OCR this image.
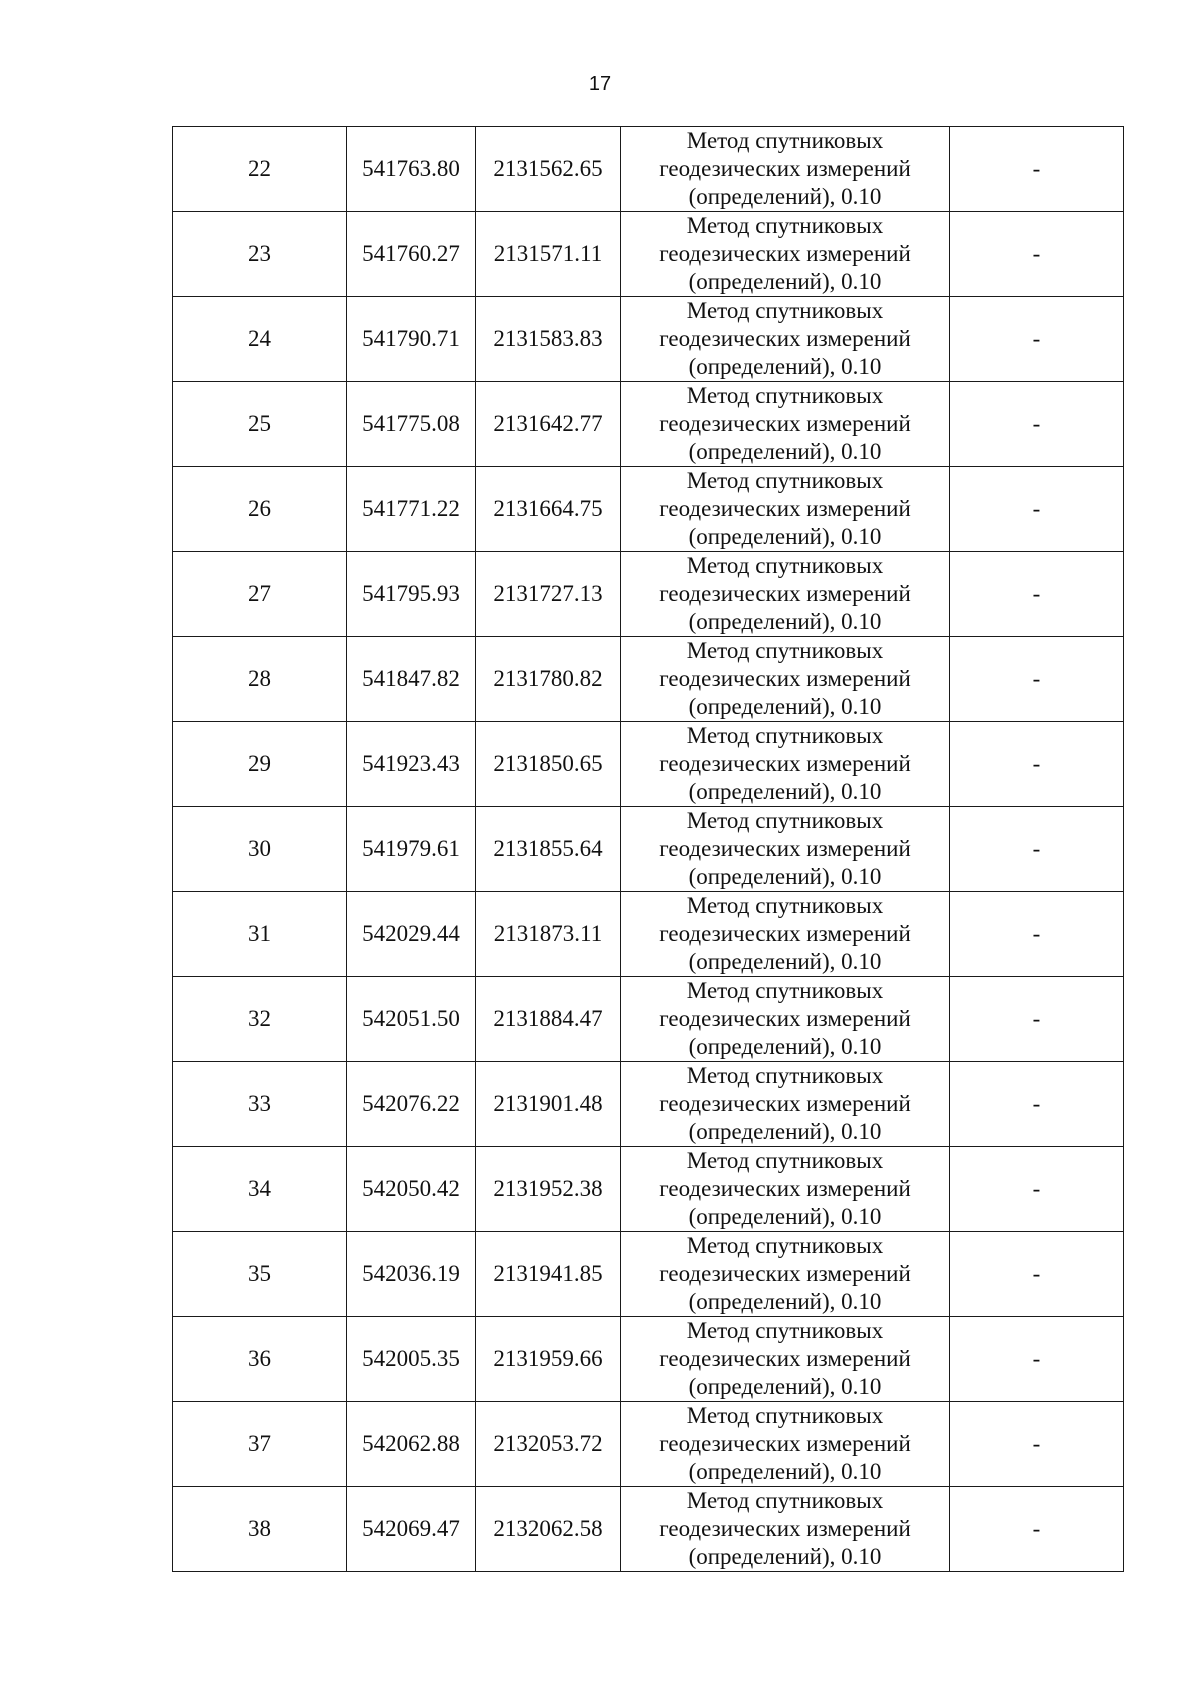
17
22	541763.80	2131562.65	Метод спутниковых
геодезических измерений
(определений), 0.10	-
23	541760.27	2131571.11	Метод спутниковых
геодезических измерений
(определений), 0.10	-
24	541790.71	2131583.83	Метод спутниковых
геодезических измерений
(определений), 0.10	-
25	541775.08	2131642.77	Метод спутниковых
геодезических измерений
(определений), 0.10	-
26	541771.22	2131664.75	Метод спутниковых
геодезических измерений
(определений), 0.10	-
27	541795.93	2131727.13	Метод спутниковых
геодезических измерений
(определений), 0.10	-
28	541847.82	2131780.82	Метод спутниковых
геодезических измерений
(определений), 0.10	-
29	541923.43	2131850.65	Метод спутниковых
геодезических измерений
(определений), 0.10	-
30	541979.61	2131855.64	Метод спутниковых
геодезических измерений
(определений), 0.10	-
31	542029.44	2131873.11	Метод спутниковых
геодезических измерений
(определений), 0.10	-
32	542051.50	2131884.47	Метод спутниковых
геодезических измерений
(определений), 0.10	-
33	542076.22	2131901.48	Метод спутниковых
геодезических измерений
(определений), 0.10	-
34	542050.42	2131952.38	Метод спутниковых
геодезических измерений
(определений), 0.10	-
35	542036.19	2131941.85	Метод спутниковых
геодезических измерений
(определений), 0.10	-
36	542005.35	2131959.66	Метод спутниковых
геодезических измерений
(определений), 0.10	-
37	542062.88	2132053.72	Метод спутниковых
геодезических измерений
(определений), 0.10	-
38	542069.47	2132062.58	Метод спутниковых
геодезических измерений
(определений), 0.10	-
